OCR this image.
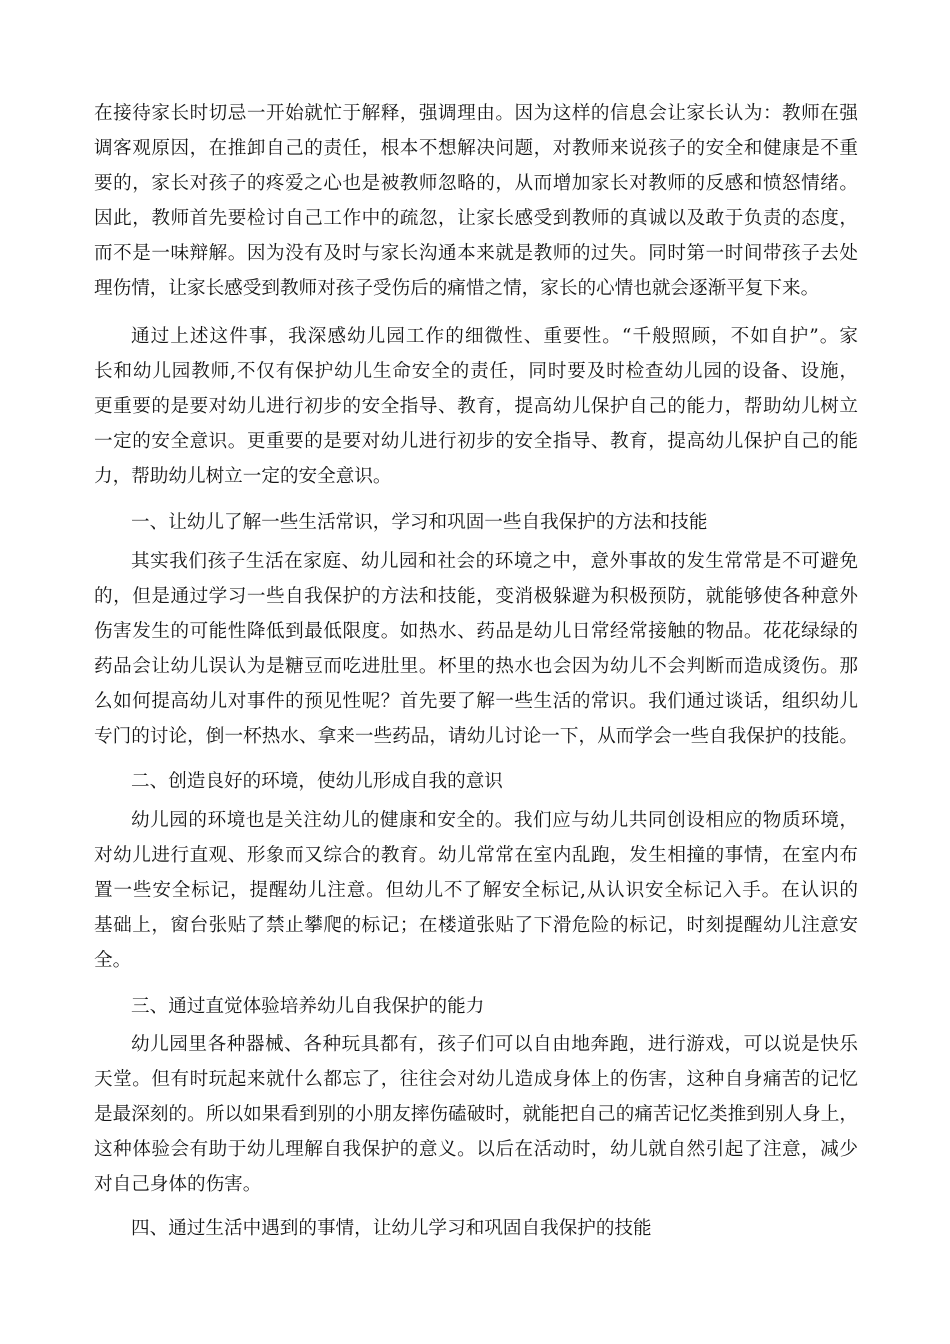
在接待家长时切忌一开始就忙于解释，强调理由。因为这样的信息会让家长认为：教师在强
调客观原因，在推卸自己的责任，根本不想解决问题，对教师来说孩子的安全和健康是不重
要的，家长对孩子的疼爱之心也是被教师忽略的，从而增加家长对教师的反感和愤怒情绪。
因此，教师首先要检讨自己工作中的疏忽，让家长感受到教师的真诚以及敢于负责的态度，
而不是一味辩解。因为没有及时与家长沟通本来就是教师的过失。同时第一时间带孩子去处
理伤情，让家长感受到教师对孩子受伤后的痛惜之情，家长的心情也就会逐渐平复下来。
通过上述这件事，我深感幼儿园工作的细微性、重要性。“千般照顾，不如自护”。家
长和幼儿园教师,不仅有保护幼儿生命安全的责任，同时要及时检查幼儿园的设备、设施，
更重要的是要对幼儿进行初步的安全指导、教育，提高幼儿保护自己的能力，帮助幼儿树立
一定的安全意识。更重要的是要对幼儿进行初步的安全指导、教育，提高幼儿保护自己的能
力，帮助幼儿树立一定的安全意识。
一、让幼儿了解一些生活常识，学习和巩固一些自我保护的方法和技能
其实我们孩子生活在家庭、幼儿园和社会的环境之中，意外事故的发生常常是不可避免
的，但是通过学习一些自我保护的方法和技能，变消极躲避为积极预防，就能够使各种意外
伤害发生的可能性降低到最低限度。如热水、药品是幼儿日常经常接触的物品。花花绿绿的
药品会让幼儿误认为是糖豆而吃进肚里。杯里的热水也会因为幼儿不会判断而造成烫伤。那
么如何提高幼儿对事件的预见性呢？首先要了解一些生活的常识。我们通过谈话，组织幼儿
专门的讨论，倒一杯热水、拿来一些药品，请幼儿讨论一下，从而学会一些自我保护的技能。
二、创造良好的环境，使幼儿形成自我的意识
幼儿园的环境也是关注幼儿的健康和安全的。我们应与幼儿共同创设相应的物质环境，
对幼儿进行直观、形象而又综合的教育。幼儿常常在室内乱跑，发生相撞的事情，在室内布
置一些安全标记，提醒幼儿注意。但幼儿不了解安全标记,从认识安全标记入手。在认识的
基础上，窗台张贴了禁止攀爬的标记；在楼道张贴了下滑危险的标记，时刻提醒幼儿注意安
全。
三、通过直觉体验培养幼儿自我保护的能力
幼儿园里各种器械、各种玩具都有，孩子们可以自由地奔跑，进行游戏，可以说是快乐
天堂。但有时玩起来就什么都忘了，往往会对幼儿造成身体上的伤害，这种自身痛苦的记忆
是最深刻的。所以如果看到别的小朋友摔伤磕破时，就能把自己的痛苦记忆类推到别人身上，
这种体验会有助于幼儿理解自我保护的意义。以后在活动时，幼儿就自然引起了注意，减少
对自己身体的伤害。
四、通过生活中遇到的事情，让幼儿学习和巩固自我保护的技能
